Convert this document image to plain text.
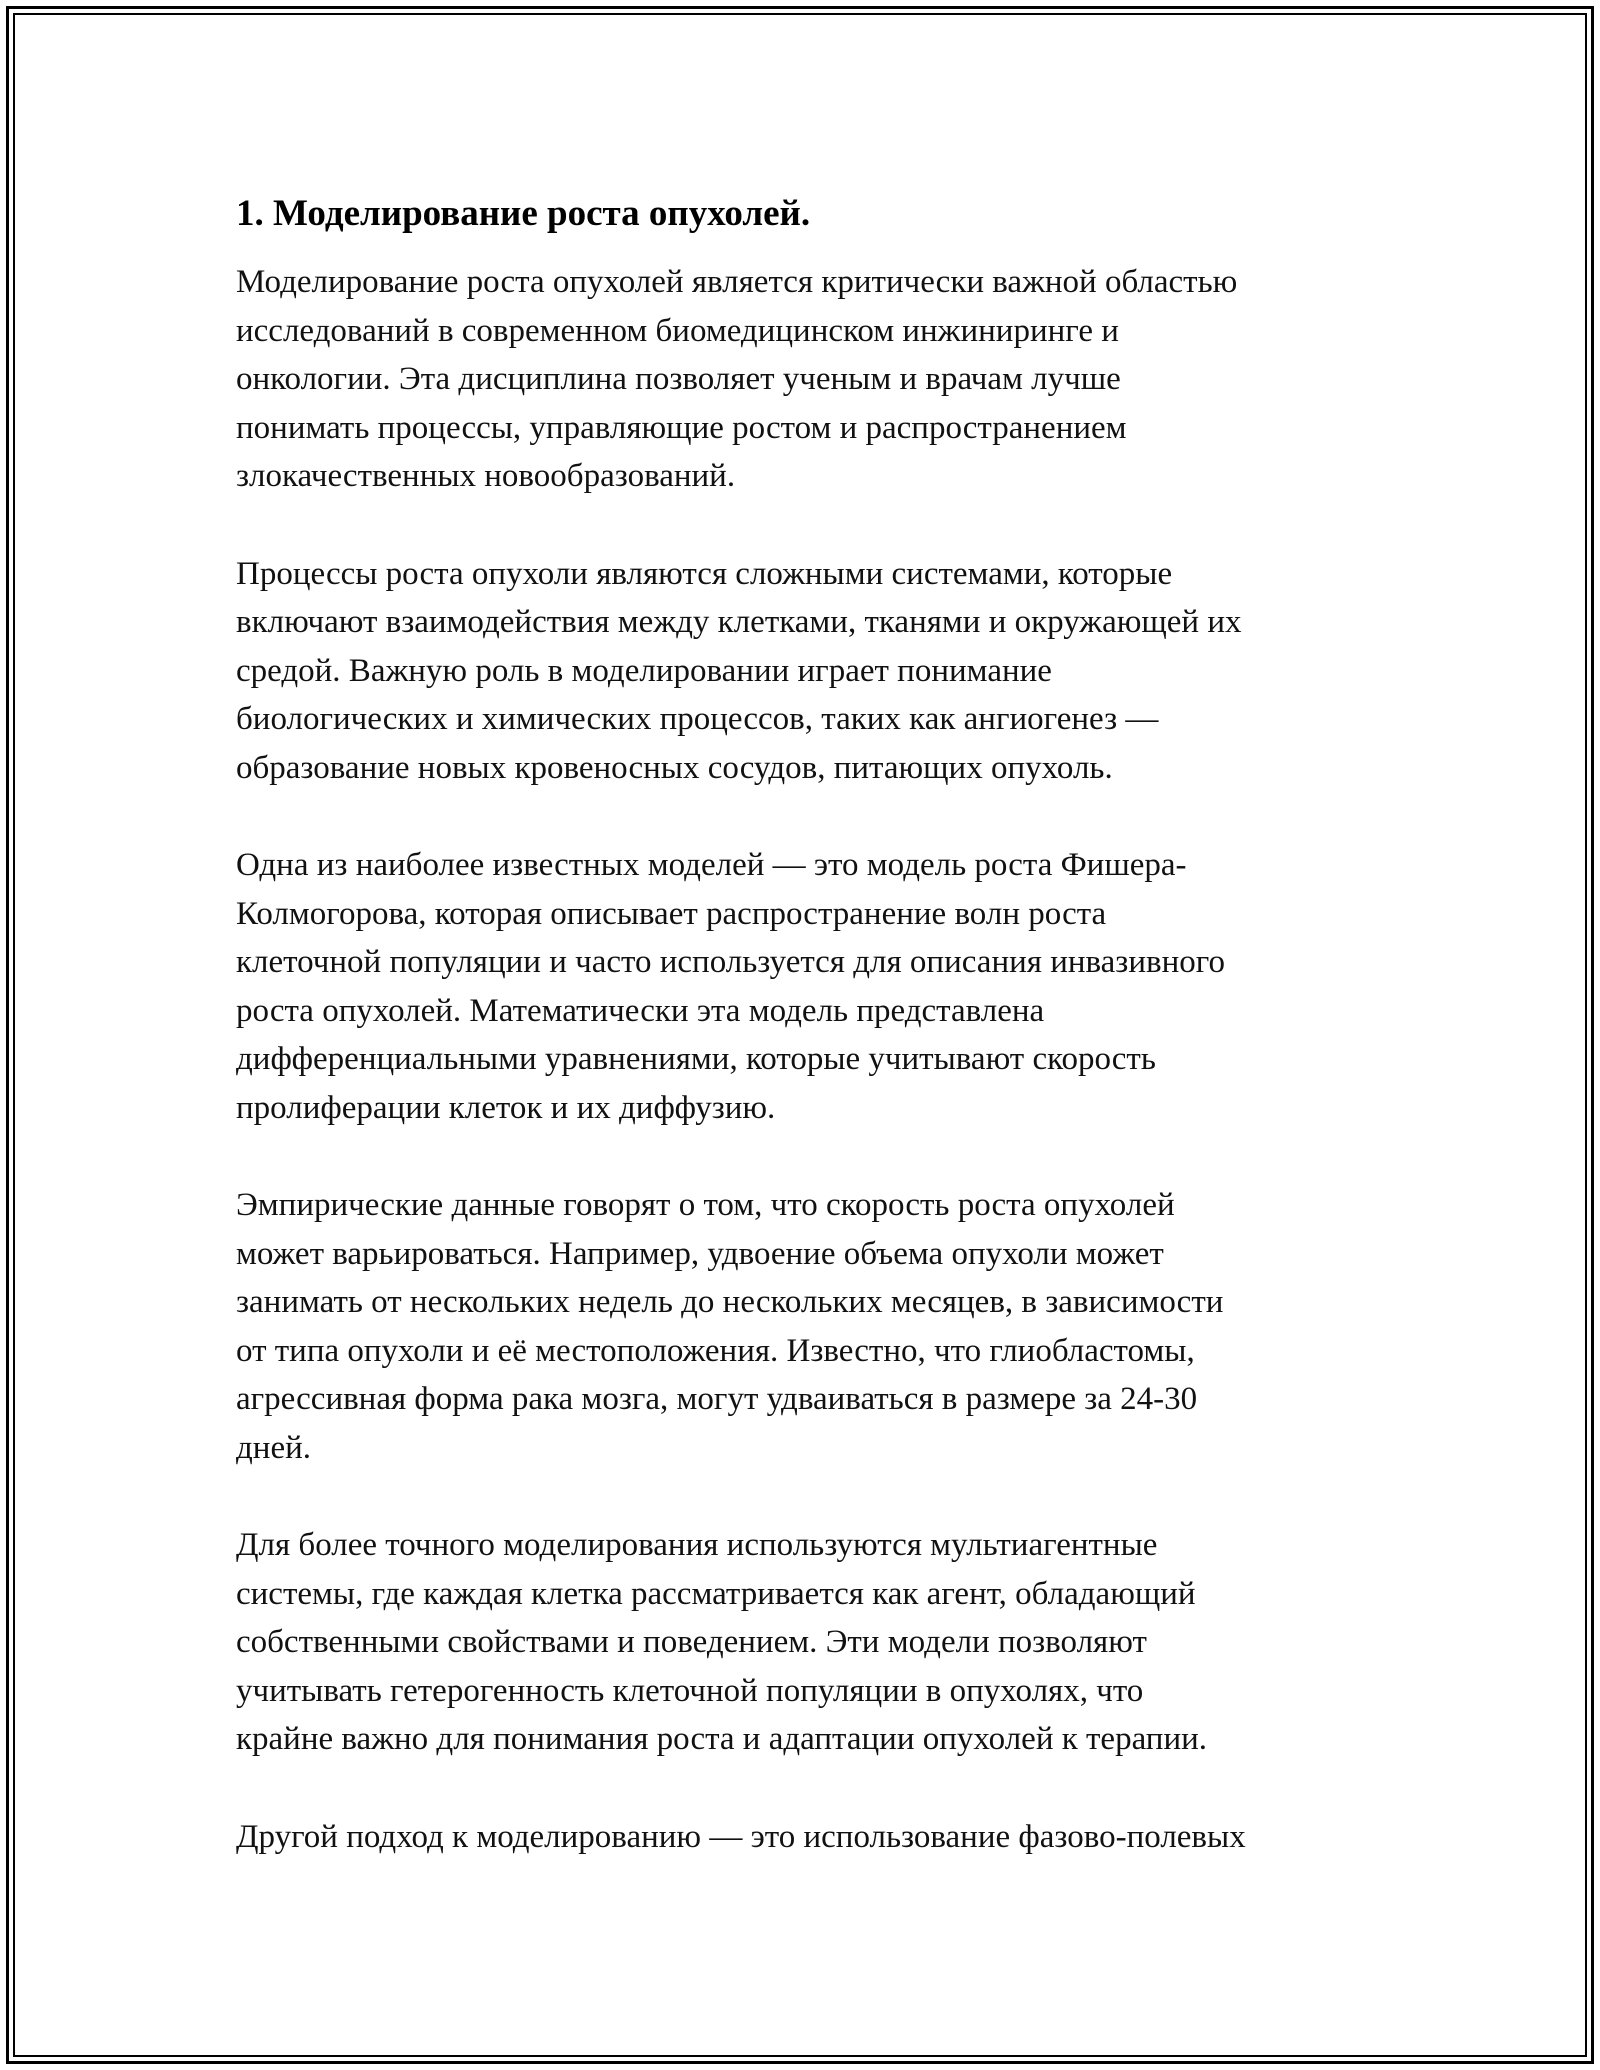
1. Моделирование роста опухолей.

Моделирование роста опухолей является критически важной областью
исследований в современном биомедицинском инжиниринге и
онкологии. Эта дисциплина позволяет ученым и врачам лучше
понимать процессы, управляющие ростом и распространением
злокачественных новообразований.

Процессы роста опухоли являются сложными системами, которые
включают взаимодействия между клетками, тканями и окружающей их
средой. Важную роль в моделировании играет понимание
биологических и химических процессов, таких как ангиогенез —
образование новых кровеносных сосудов, питающих опухоль.

Одна из наиболее известных моделей — это модель роста Фишера-
Колмогорова, которая описывает распространение волн роста
клеточной популяции и часто используется для описания инвазивного
роста опухолей. Математически эта модель представлена
дифференциальными уравнениями, которые учитывают скорость
пролиферации клеток и их диффузию.

Эмпирические данные говорят о том, что скорость роста опухолей
может варьироваться. Например, удвоение объема опухоли может
занимать от нескольких недель до нескольких месяцев, в зависимости
от типа опухоли и её местоположения. Известно, что глиобластомы,
агрессивная форма рака мозга, могут удваиваться в размере за 24-30
дней.

Для более точного моделирования используются мультиагентные
системы, где каждая клетка рассматривается как агент, обладающий
собственными свойствами и поведением. Эти модели позволяют
учитывать гетерогенность клеточной популяции в опухолях, что
крайне важно для понимания роста и адаптации опухолей к терапии.

Другой подход к моделированию — это использование фазово-полевых
